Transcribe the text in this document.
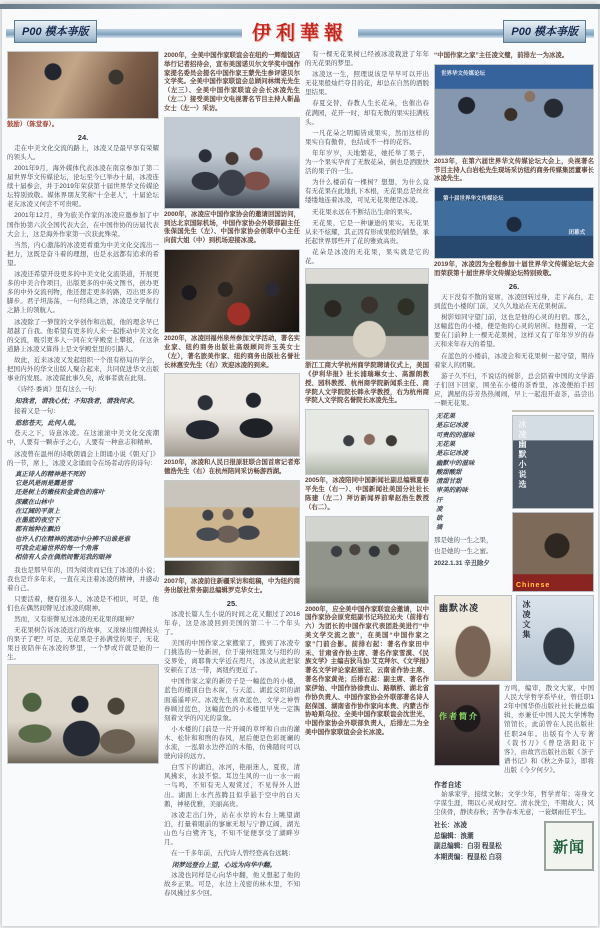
P00 模本亊版	伊利華報	P00 模本亊版
鼓励）（陈堂春）。
24.
走在中美文化交流的路上，冰凌又是最早享有荣耀的领头人。
2001年9月，海外媒体代表冰凌在南京参加了第二届世界华文传媒论坛，论坛至今已举办十届，冰凌连续十届参会，并于2019年荣获第十届世界华文传媒论坛特别致敬。媒体界朋友笑称“十全老人”，十届论坛老友冰凌又何尝不可贵呢。
2001年12月，身为旅美作家的冰凌应邀参加了中国作协第六次全国代表大会，在中国作协的历届代表大会上，这是海外作家第一次获此殊荣。
当然，内心激荡的冰凌更看重为中美文化交流出一把力，这既是奋斗着的理想，也是永远都有追求的希望。
冰凌还希望开设更多的中美文化交流渠道，开展更多的中美合作项目，出版更多的中英文图书，创办更多的中外交流刊物，他还想走更多的路，迈出更多的脚步。君子坦荡荡，一句经典之语，冰凌是文学航行之路上的领航人。
冰凌除了一箩筐的文学创作和出版，他的理念早已超越了自我。他希望有更多的人来一起推动中美文化的交流，吸引更多人一同在文学殿堂上攀援，在这条道路上冰凌又算得上是文学殿堂里的引路人。
故此，近来冰凌又发起组织一个很有格局的学会，把国内外的华文出版人聚合起来，共同促进华文出版事业的发展。冰凌谋此事久矣，成事者就在此刻。
《诗经·黍离》里有这么一句：
知我者，谓我心忧；不知我者，谓我何求。
接着又是一句：
悠悠苍天，此何人哉。
苍天之下，诗意冰凌。在这滚滚中美文化交流潮中，人要有一颗赤子之心，人要有一种意志和精神。
冰凌曾在温州的诗歌朗诵会上朗诵小说《朝天门》的一节，席上，冰凌又念诵而令在场者动容的诗句：
真正诗人的精神是不死的
它是风是雨是露是雪
还是树上的嫩枝和金黄色的落叶
深藏在山林中
在辽阔的平原上
在墨蓝的夜空下
都有她种在飘泊
也许人们在精神的流动中分辨不出谁是谁
可我会走遍世界的每一个角落
相信有人会在偶然间瞥见我的眼神
我也是那早年的，因为阅读而记住了冰凌的小说；我也是许多年来，一直在关注着冰凌的精神，并感动着自己。
只要活着，便有很多人，冰凌是不相识，可是，他们也在偶然间瞥见过冰凌的眼神。
然而，又有谁瞥见过冰凌的无花果的眼神？
无花果树告诉冰凌远行的故事，又浓绿出缀满枝头的果子了吧？可是，无花果是子孙满堂的果子，无花果日夜陪伴在冰凌的梦里，一个梦或许就是她的一生。
2000年，全美中国作家联谊会在纽约一辉煌饭店举行记者招待会，宣布美国诺贝尔文学奖中国作家提名委员会提名中国作家王蒙先生参评诺贝尔文学奖。全美中国作家联谊会总顾问林缉光先生（左三）、全美中国作家联谊会会长冰凌先生（左二）接受美国中文电视著名节目主持人靳晶女士（左一）采访。
2000年，冰凌应中国作家协会的邀请回国访问，到达北京国际机场，中国作家协会外联部副主任张保国先生（左）、中国作家协会创联中心主任向前大姐（中）到机场迎接冰凌。
2020年，冰凌回福州泉州参加文学活动，著名实业家、纽约商务出版社高级顾问许玉英女士（左），著名旅美作家、纽约商务出版社名誉社长林惠安先生（右）欢迎冰凌的到来。
2010年，冰凌和人民日报原驻联合国首席记者郑德浩先生（右）在杭州陪同采访畅游西湖。
2007年，冰凌前往新疆采访和组稿，中为纽约商务出版社常务副总编辑罗克华女士。
25.
冰凌长篇人生小说的时间之花又翻过了2016年春，这是冰凌回到美国的第二十二个年头了。
美国的中国作家之家搬家了，搬到了冰凌专门挑选的一处新居，位于康州纽黑文与纽约的交界处，离耶鲁大学近在咫尺，冰凌从此把家安顿在了这一带，离纽约更近了。
中国作家之家的新房子是一幢蓝色的小楼，蓝色的楼顶白色木窗，与天蓝、湖蓝交织的湖面遥遥呼应。冰凌先生喜欢蓝色，文学之神曾眷顾过蓝色，这幢蓝色的小木楼里早先一定镌刻着文学的闪光的景象。
小木楼的门前是一片开阔的草坪和自由的灌木、松针和和煦的春风，屋后便是色彩斑斓的水流，一泓碧水边停泊的木船，仿佛随时可以驶向诗的远方。
白雪下的湖泊，冰河，艳丽迷人，夏夜，清风拂来，水波不惊。耳边生风的一山一水一雨一鸟鸣，不知有无人观赏过，不见得外人进出。湖面上水汽蒸腾且似乎悬于空中的白天鹅，神秘优雅，美丽高贵。
冰凌走出门外，站在水岸的木台上眺望湖泊，打量着眼前的寥廓无垠与宁静辽阔，湖光山色与白鹭齐飞，不知不觉便享受了湖畔岁月。
在一千多年前，五代诗人曾经登高台远眺：
闲梦远登台上望，心远为向华中翻。
冰凌也同样是心向华中翻，他又想起了他的故乡正果。可是，水边上茂密的林木里，不知春风拂过多少回。
有一棵无花果树已经被冰凌栽进了年年的无花果的梦里。
冰凌这一生，照理说该是早早可以开出无花果般灿烂夺目的花，却总在自然的洒脱里结果。
春夏交替，春教人生长花朵，也催出春花满园，花开一时，却有无数的果实挂满枝头。
一凡花朵之明媚皆成果实，然而这样的果实自有傲骨，也结成不一样的花容。
年年岁岁，天地繁花，她托举了果子，为一个果实孕育了无数花朵，倒也是洒脱快活的果子的一生。
为什么楼前有一棵树？想想，为什么竟有无花果在此地扎下本根，无花果总是丝丝缕缕地连着冰凌，可见无花果便是冰凌。
无花果永远在不断结出生命的果实。
无花果，它是一种谦逊的果实。无花果从来不炫耀，其正因有形成果般的铺垫，承托起世界那些开了花的雅致高贵。
花朵是冰凌的无花果，果实就是它的花。
浙江工商大学杭州商学院聘请仪式上，美国《伊利华报》社长浦瑞琳女士、高源朗教授、园科教授、杭州商学院新闻系主任、商学院人文学院院长韩永学教授，右为杭州商学院人文学院名誉院长冰凌先生。
2005年，冰凌陪同中国新闻社副总编辑夏春平先生（右一）、中国新闻社美国分社社长陈建（左二）拜访新闻界前辈赵浩生教授（右二）。
2000年，应全美中国作家联谊会邀请，以中国作家协会原党组副书记玛拉沁夫（前排右六）为团长的中国作家代表团赴美进行“中美文学交流之旅”，在美国“中国作家之家”门前合影。前排右起：著名作家田中禾、甘肃省作协主席、著名作家雪漠、《民族文学》主编吉狄马加·艾克拜尔、《文学报》著名文学评论家赵丽宏、云南省作协主席、著名作家黄尧；后排右起：副主席、著名作家伊始、中国作协徐贵山、路顺桥、湖北省作协负责人、中国作家协会外联部著名诗人赵保国、湖南省作协作家向本贵、内蒙古作协哈斯乌拉、全美中国作家联谊会沈世光、中国作家协会外联部负责人，后排左二为全美中国作家联谊会会长冰凌。
“中国作家之家”主任凌文璧，前排左一为冰凌。
世界华文传媒论坛
2013年，在第六届世界华文传媒论坛大会上，央视著名节目主持人白岩松先生现场采访纽约商务传媒集团董事长冰凌先生。
第十届世界华文传媒论坛
闭幕式
2019年，冰凌因为全程参加十届世界华文传媒论坛大会而荣获第十届世界华文传媒论坛特别致敬。
26.
天下没有不散的宴席，冰凌回转过身，走下高台，走到蓝色小楼的门前，又久久地站在无花果树前。
树影如同守望门前，这也是他的心灵的归宿。那么，这幢蓝色的小楼，便是他的心灵的居所。他想着，一定要在门前种上一棵无花果树，这样又有了年年岁岁的春天和来年春天的希望。
在蓝色的小楼前，冰凌会和无花果树一起守望，期待着家人的团聚。
游子久不归，不说话的树影，总会陪着中国的文学游子们回下回家，围坐在小楼的茶香里，冰凌便拍手回应，满屋的芬芳热热闹闹，早上一起泡开壶茶，品尝出一颗无花果。
无花果
是忘记冰凌
可贵的的滋味
无花果
是忘记冰凌
幽默中的滋味
酸甜酸甜
清甜甘甜
审美的韵味
汗
凌
欲
滴
那是她的一生之果，
也是她的一生之蜜。
2022.1.31 辛丑除夕
冰凌幽默小说选
Chinese
幽默冰凌	冰凌文集
作者简介
方鸣，编审，散文大家，中国人民大学哲学系毕业，曾任职12年中国华侨出版社社长兼总编辑，亦兼任中国人民大学博物馆馆长，此前曾在人民出版社任职24年。出版有个人专著《裁书刀》《曾是洛阳花下客》，由故宫出版社出版《茶子谱书记》和《秋之外景》，即将出版《今夕何夕》。
作者自述
始承家学，接续文脉；文学少年，哲学青年；寄身文字谋生涯，期以心灵成时空。清水洗尘，不期故人；风尘侠骨，静读春秋；苦争春本无意，一蓑烟雨任平生。
社长：冰凌
总编辑：浪潮
副总编辑：白羽 程显松
本期责编：程显松 白羽
新闻
